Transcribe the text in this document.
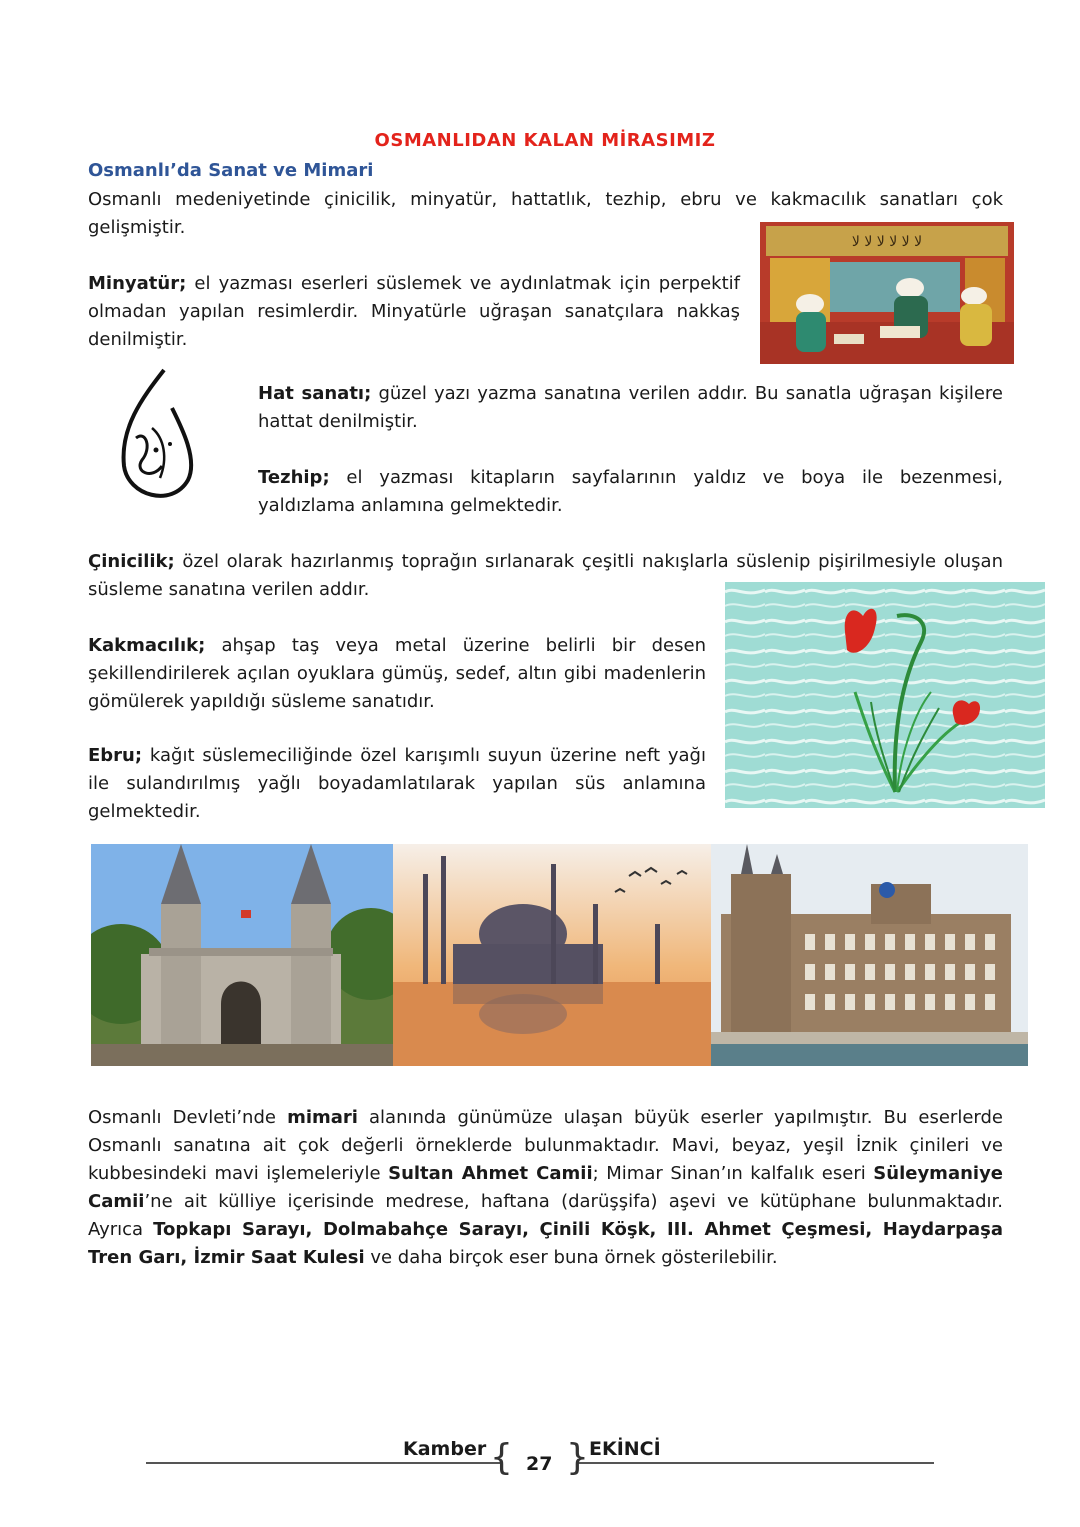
OSMANLIDAN KALAN MİRASIMIZ
Osmanlı’da Sanat ve Mimari

Osmanlı medeniyetinde çinicilik, minyatür, hattatlık, tezhip, ebru ve kakmacılık sanatları çok gelişmiştir.

Minyatür; el yazması eserleri süslemek ve aydınlatmak için perpektif olmadan yapılan resimlerdir. Minyatürle uğraşan sanatçılara nakkaş denilmiştir.

ﻻ ﻻ ﻻ ﻻ ﻻ ﻻ

Hat sanatı; güzel yazı yazma sanatına verilen addır. Bu sanatla uğraşan kişilere hattat denilmiştir.

Tezhip; el yazması kitapların sayfalarının yaldız ve boya ile bezenmesi, yaldızlama anlamına gelmektedir.

Çinicilik; özel olarak hazırlanmış toprağın sırlanarak çeşitli nakışlarla süslenip pişirilmesiyle oluşan süsleme sanatına verilen addır.

Kakmacılık; ahşap taş veya metal üzerine belirli bir desen şekillendirilerek açılan oyuklara gümüş, sedef, altın gibi madenlerin gömülerek yapıldığı süsleme sanatıdır.

Ebru; kağıt süslemeciliğinde özel karışımlı suyun üzerine neft yağı ile sulandırılmış yağlı boyadamlatılarak yapılan süs anlamına gelmektedir.

Osmanlı Devleti’nde mimari alanında günümüze ulaşan büyük eserler yapılmıştır. Bu eserlerde Osmanlı sanatına ait çok değerli örneklerde bulunmaktadır. Mavi, beyaz, yeşil İznik çinileri ve kubbesindeki mavi işlemeleriyle Sultan Ahmet Camii; Mimar Sinan’ın kalfalık eseri Süleymaniye Camii’ne ait külliye içerisinde medrese, haftana (darüşşifa) aşevi ve kütüphane bulunmaktadır. Ayrıca Topkapı Sarayı, Dolmabahçe Sarayı, Çinili Köşk, III. Ahmet Çeşmesi, Haydarpaşa Tren Garı, İzmir Saat Kulesi ve daha birçok eser buna örnek gösterilebilir.

Kamber { 27 } EKİNCİ
